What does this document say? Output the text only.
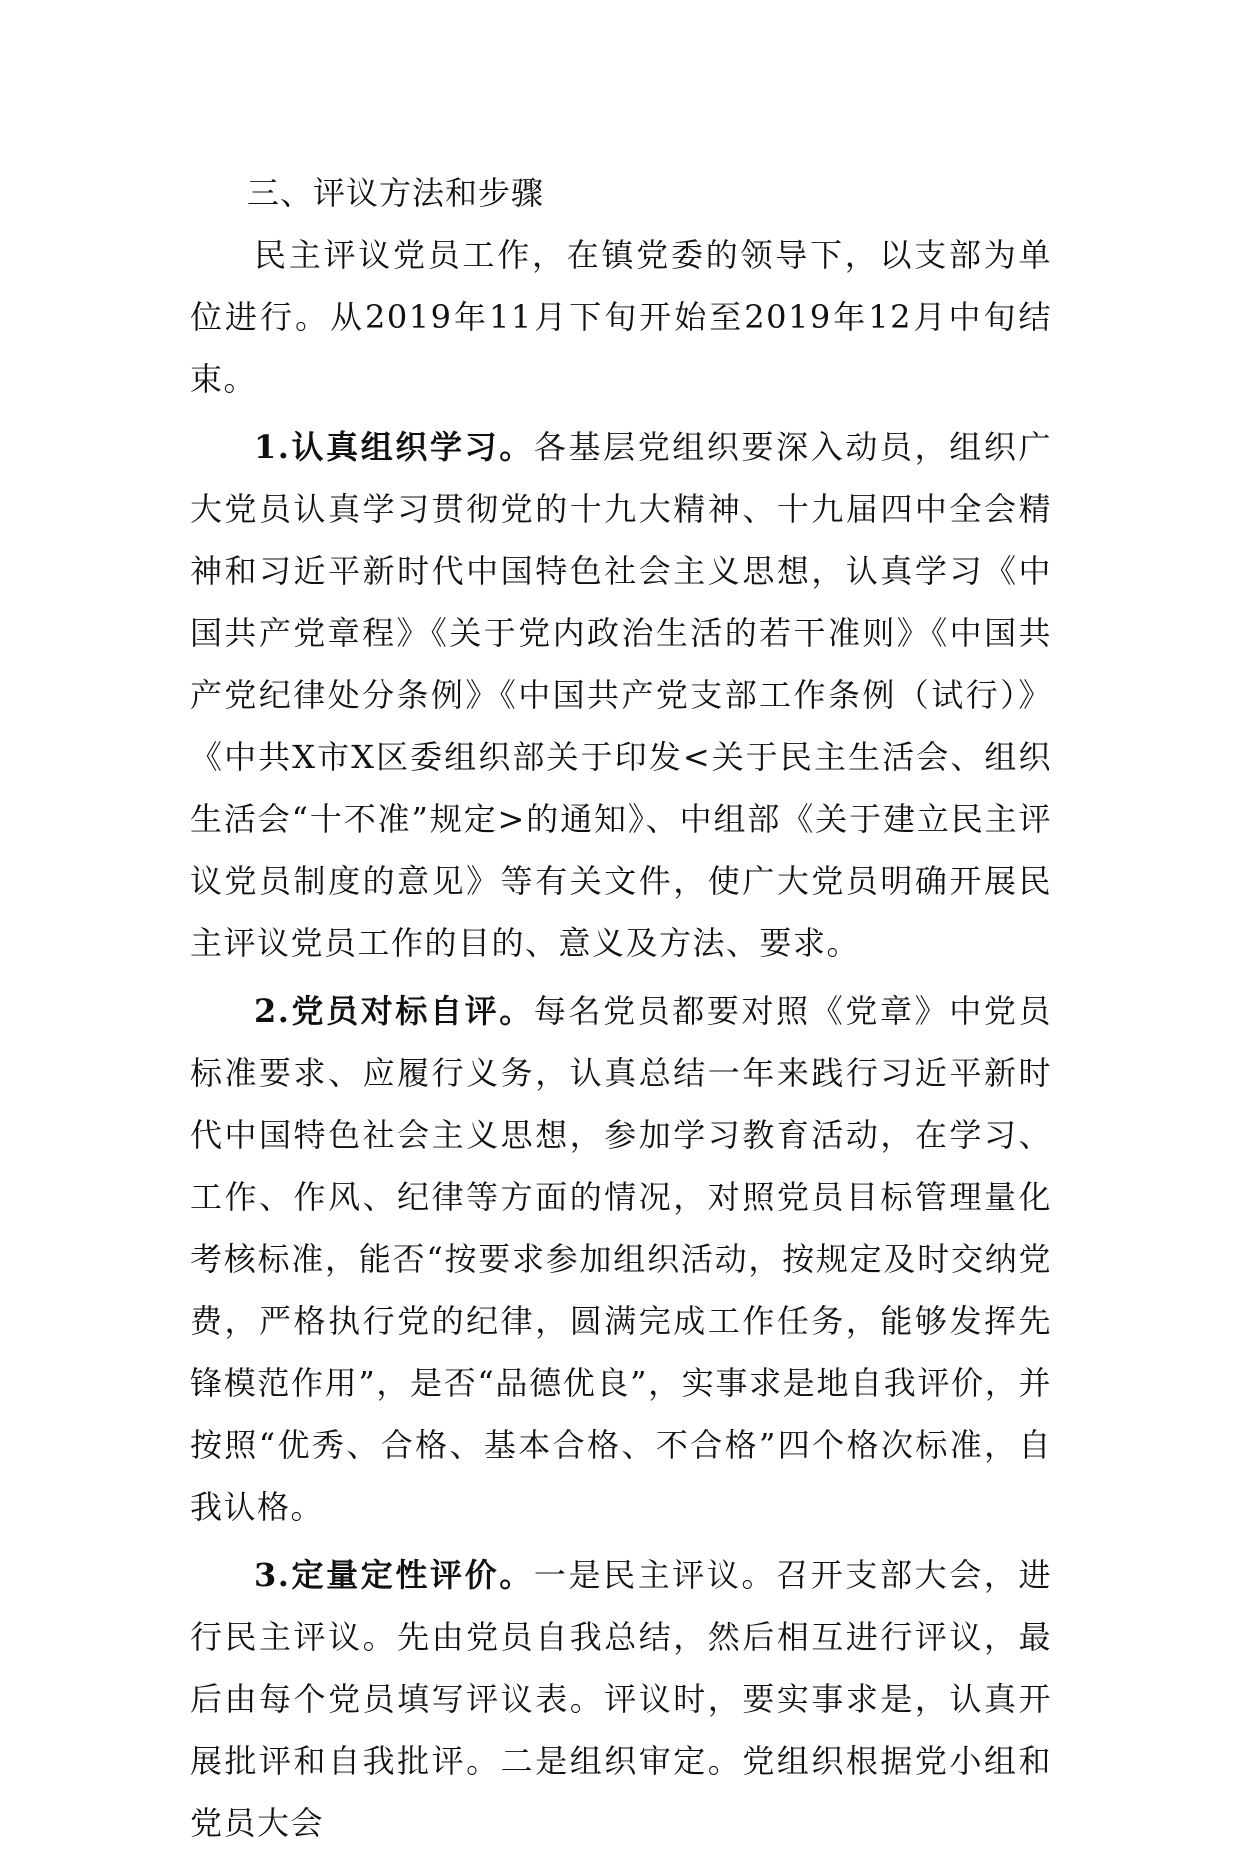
三、评议方法和步骤

民主评议党员工作，在镇党委的领导下，以支部为单位进行。从2019年11月下旬开始至2019年12月中旬结束。

1.认真组织学习。各基层党组织要深入动员，组织广大党员认真学习贯彻党的十九大精神、十九届四中全会精神和习近平新时代中国特色社会主义思想，认真学习《中国共产党章程》《关于党内政治生活的若干准则》《中国共产党纪律处分条例》《中国共产党支部工作条例（试行）》《中共X市X区委组织部关于印发<关于民主生活会、组织生活会“十不准”规定>的通知》、中组部《关于建立民主评议党员制度的意见》等有关文件，使广大党员明确开展民主评议党员工作的目的、意义及方法、要求。

2.党员对标自评。每名党员都要对照《党章》中党员标准要求、应履行义务，认真总结一年来践行习近平新时代中国特色社会主义思想，参加学习教育活动，在学习、工作、作风、纪律等方面的情况，对照党员目标管理量化考核标准，能否“按要求参加组织活动，按规定及时交纳党费，严格执行党的纪律，圆满完成工作任务，能够发挥先锋模范作用”，是否“品德优良”，实事求是地自我评价，并按照“优秀、合格、基本合格、不合格”四个格次标准，自我认格。

3.定量定性评价。一是民主评议。召开支部大会，进行民主评议。先由党员自我总结，然后相互进行评议，最后由每个党员填写评议表。评议时，要实事求是，认真开展批评和自我批评。二是组织审定。党组织根据党小组和党员大会
